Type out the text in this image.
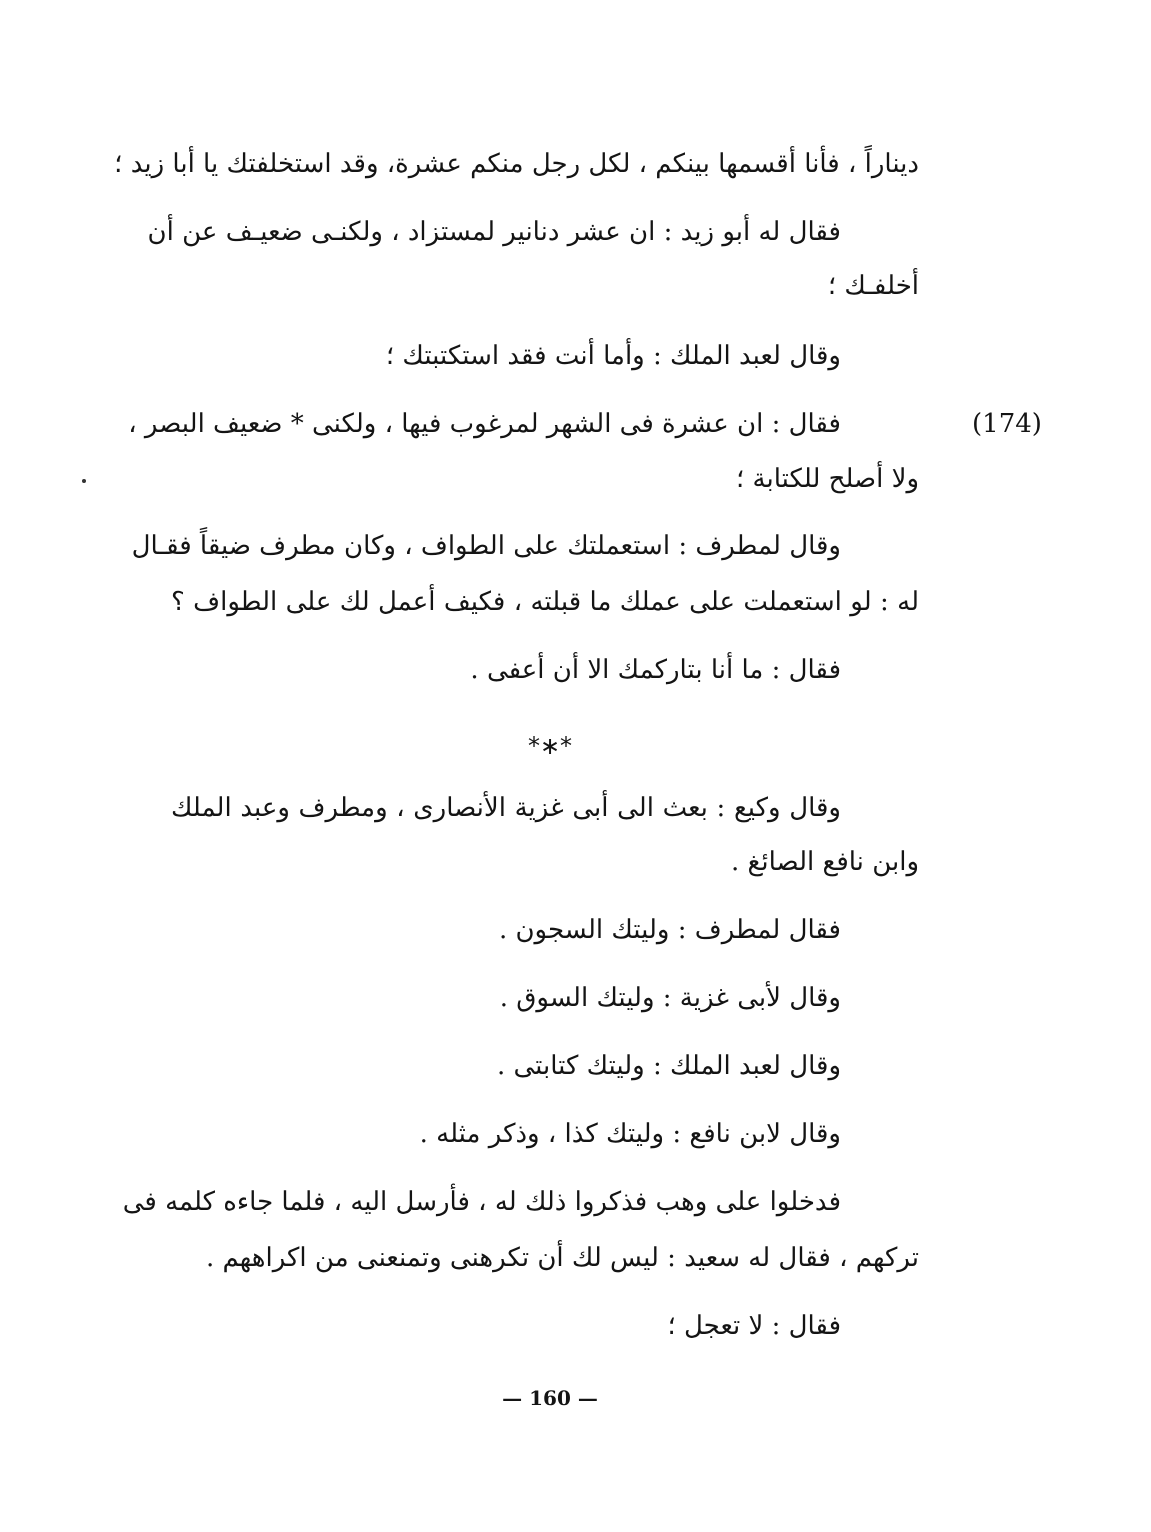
ديناراً ، فأنا أقسمها بينكم ، لكل رجل منكم عشرة، وقد استخلفتك يا أبا زيد ؛
فقال له أبو زيد : ان عشر دنانير لمستزاد ، ولكنـى ضعيـف عن أن
أخلفـك ؛
وقال لعبد الملك : وأما أنت فقد استكتبتك ؛
(174)
فقال : ان عشرة فى الشهر لمرغوب فيها ، ولكنى * ضعيف البصر ،
ولا أصلح للكتابة ؛
وقال لمطرف : استعملتك على الطواف ، وكان مطرف ضيقاً فقـال
له : لو استعملت على عملك ما قبلته ، فكيف أعمل لك على الطواف ؟
فقال : ما أنا بتاركمك الا أن أعفى .
*∗*
وقال وكيع : بعث الى أبى غزية الأنصارى ، ومطرف وعبد الملك
وابن نافع الصائغ .
فقال لمطرف : وليتك السجون .
وقال لأبى غزية : وليتك السوق .
وقال لعبد الملك : وليتك كتابتى .
وقال لابن نافع : وليتك كذا ، وذكر مثله .
فدخلوا على وهب فذكروا ذلك له ، فأرسل اليه ، فلما جاءه كلمه فى
تركهم ، فقال له سعيد : ليس لك أن تكرهنى وتمنعنى من اكراههم .
فقال : لا تعجل ؛
— 160 —
